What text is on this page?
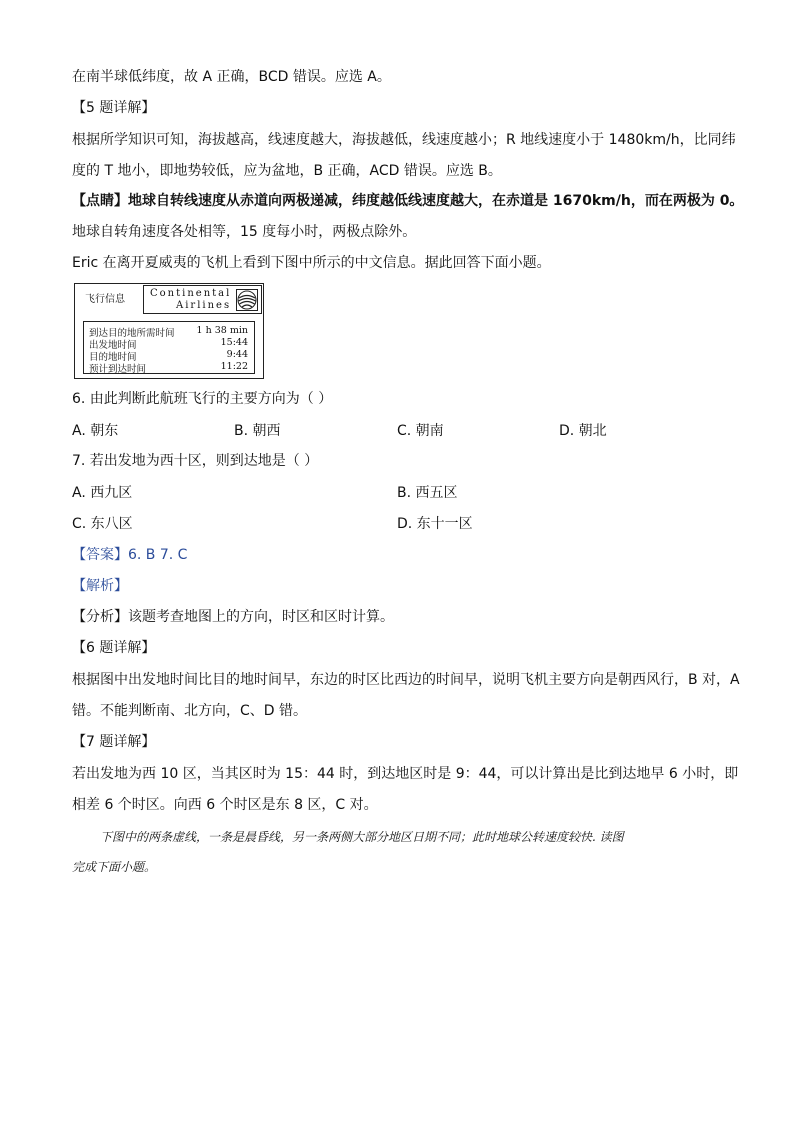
在南半球低纬度，故 A 正确，BCD 错误。应选 A。
【5 题详解】
根据所学知识可知，海拔越高，线速度越大，海拔越低，线速度越小；R 地线速度小于 1480km/h，比同纬度的 T 地小，即地势较低，应为盆地，B 正确，ACD 错误。应选 B。
【点睛】地球自转线速度从赤道向两极递减，纬度越低线速度越大，在赤道是 1670km/h，而在两极为 0。
地球自转角速度各处相等，15 度每小时，两极点除外。
Eric 在离开夏威夷的飞机上看到下图中所示的中文信息。据此回答下面小题。
飞行信息
Continental
Airlines
到达目的地所需时间 1 h 38 min
出发地时间	15:44
目的地时间	9:44
预计到达时间	11:22
6. 由此判断此航班飞行的主要方向为（ ）
A. 朝东	B. 朝西	C. 朝南	D. 朝北
7. 若出发地为西十区，则到达地是（ ）
A. 西九区	B. 西五区
C. 东八区	D. 东十一区
【答案】6. B 7. C
【解析】
【分析】该题考查地图上的方向，时区和区时计算。
【6 题详解】
根据图中出发地时间比目的地时间早，东边的时区比西边的时间早，说明飞机主要方向是朝西风行，B 对，A 错。不能判断南、北方向，C、D 错。
【7 题详解】
若出发地为西 10 区，当其区时为 15：44 时，到达地区时是 9：44，可以计算出是比到达地早 6 小时，即相差 6 个时区。向西 6 个时区是东 8 区，C 对。
下图中的两条虚线，一条是晨昏线，另一条两侧大部分地区日期不同；此时地球公转速度较快. 读图
完成下面小题。
